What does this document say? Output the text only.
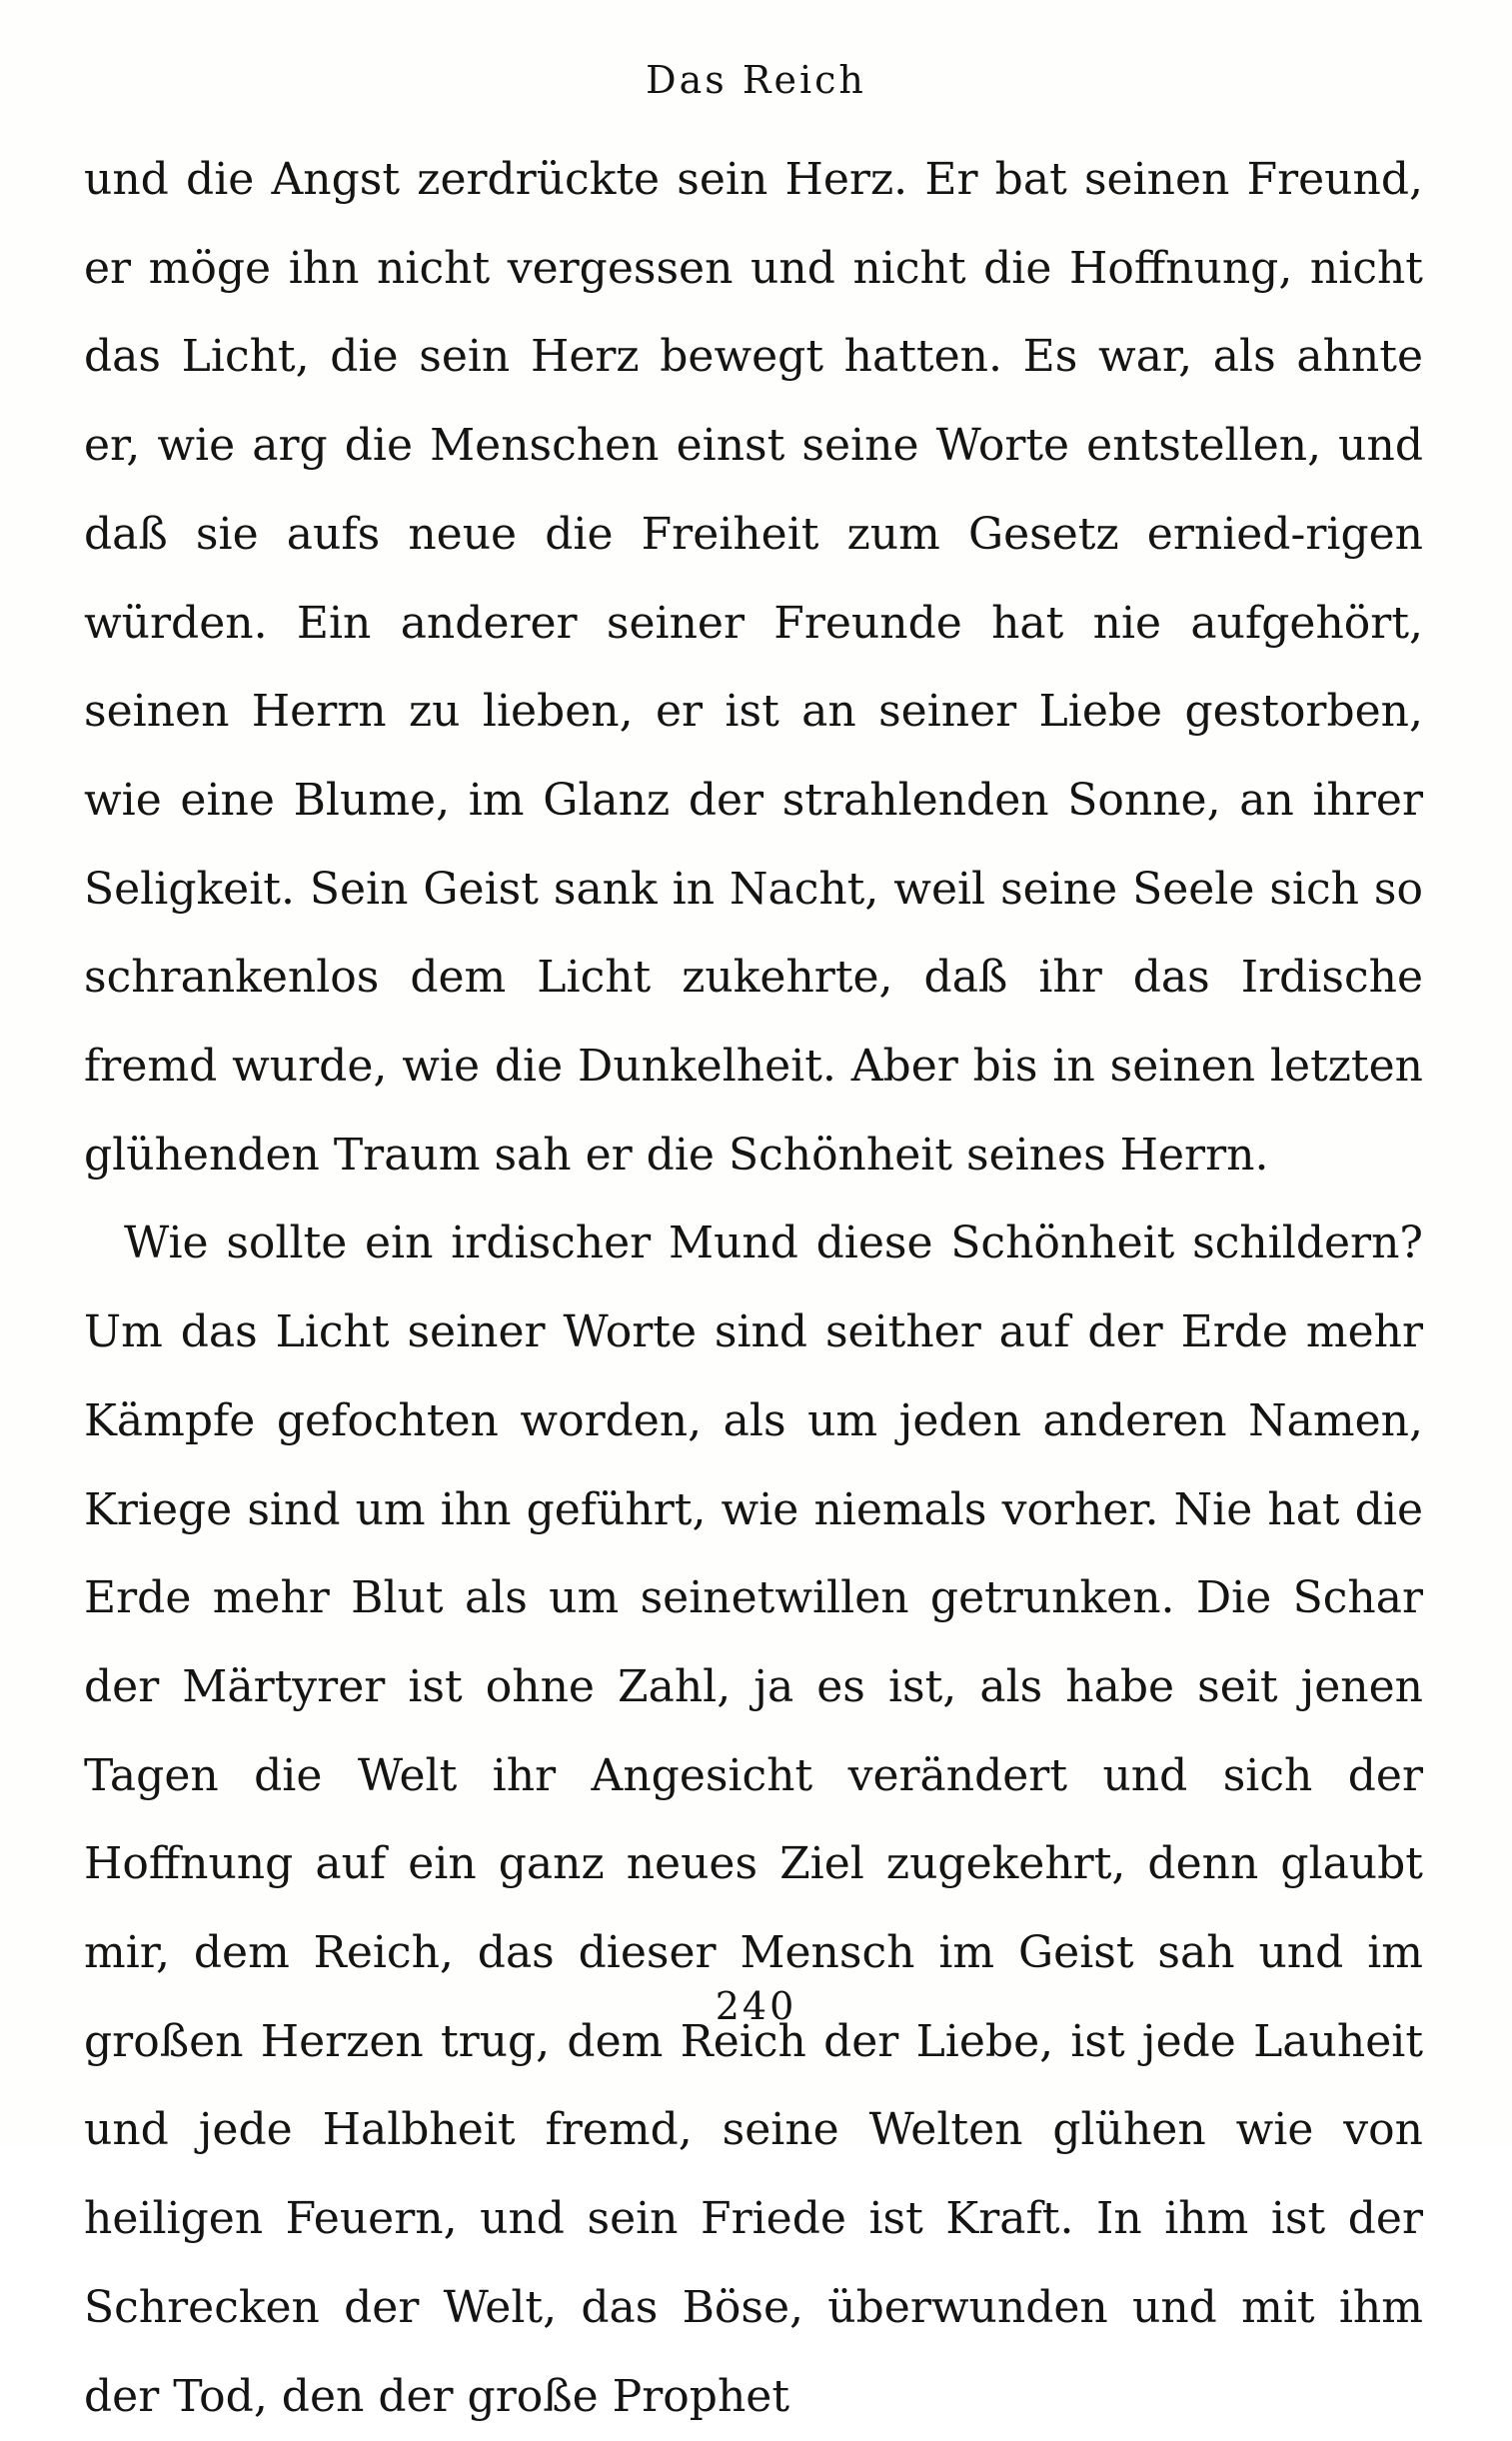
Das Reich

und die Angst zerdrückte sein Herz. Er bat seinen Freund, er möge ihn nicht vergessen und nicht die Hoffnung, nicht das Licht, die sein Herz bewegt hatten. Es war, als ahnte er, wie arg die Menschen einst seine Worte entstellen, und daß sie aufs neue die Freiheit zum Gesetz ernied-rigen würden. Ein anderer seiner Freunde hat nie aufgehört, seinen Herrn zu lieben, er ist an seiner Liebe gestorben, wie eine Blume, im Glanz der strahlenden Sonne, an ihrer Seligkeit. Sein Geist sank in Nacht, weil seine Seele sich so schrankenlos dem Licht zukehrte, daß ihr das Irdische fremd wurde, wie die Dunkelheit. Aber bis in seinen letzten glühenden Traum sah er die Schönheit seines Herrn.

Wie sollte ein irdischer Mund diese Schönheit schildern? Um das Licht seiner Worte sind seither auf der Erde mehr Kämpfe gefochten worden, als um jeden anderen Namen, Kriege sind um ihn geführt, wie niemals vorher. Nie hat die Erde mehr Blut als um seinetwillen getrunken. Die Schar der Märtyrer ist ohne Zahl, ja es ist, als habe seit jenen Tagen die Welt ihr Angesicht verändert und sich der Hoffnung auf ein ganz neues Ziel zugekehrt, denn glaubt mir, dem Reich, das dieser Mensch im Geist sah und im großen Herzen trug, dem Reich der Liebe, ist jede Lauheit und jede Halbheit fremd, seine Welten glühen wie von heiligen Feuern, und sein Friede ist Kraft. In ihm ist der Schrecken der Welt, das Böse, überwunden und mit ihm der Tod, den der große Prophet

240
